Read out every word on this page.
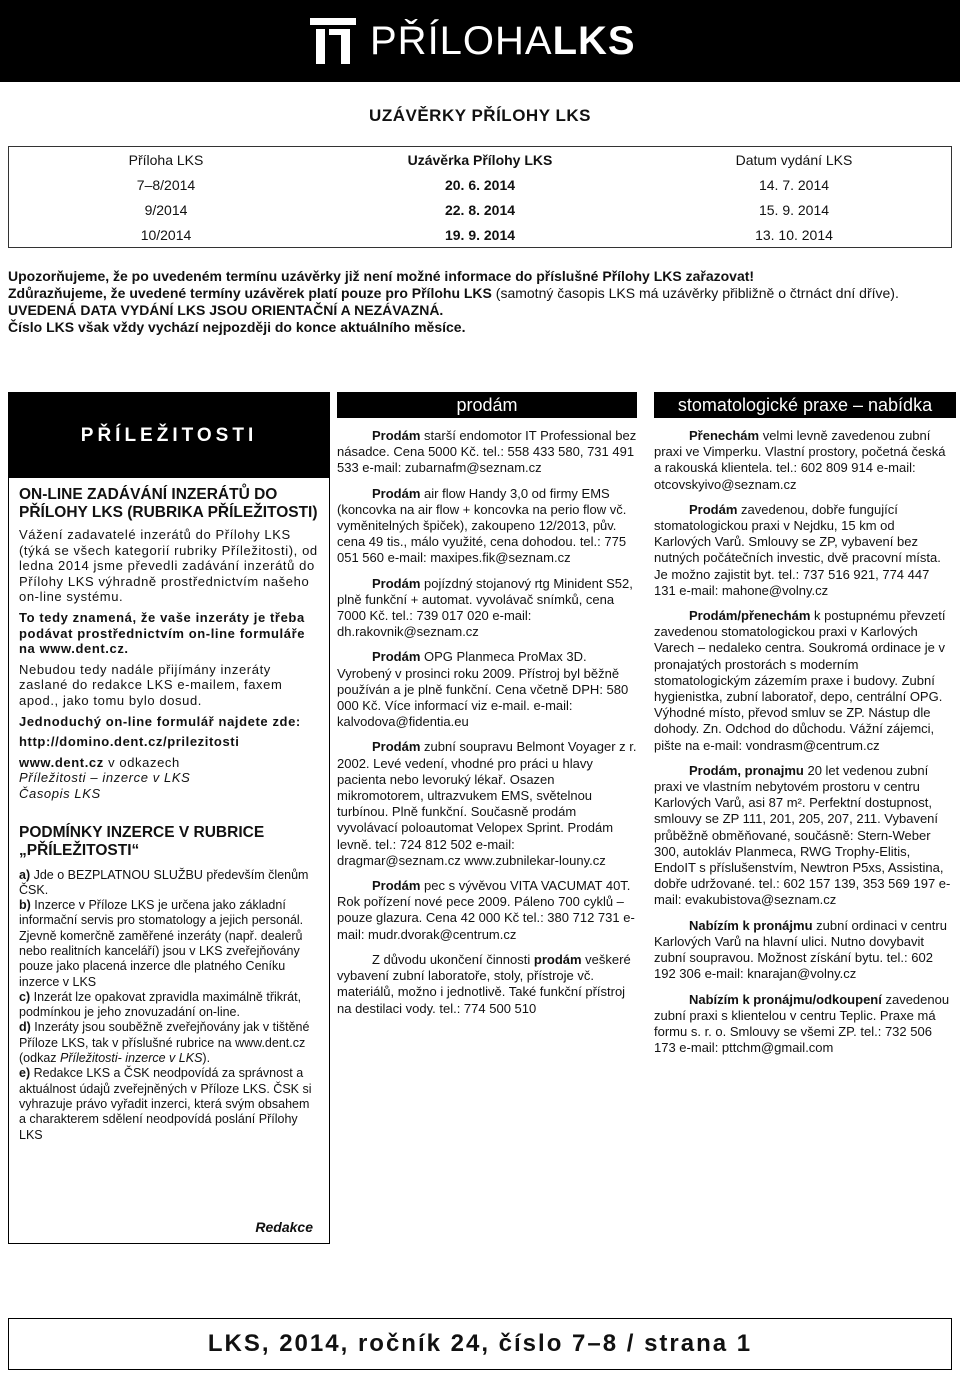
PŘÍLOHALKS
UZÁVĚRKY PŘÍLOHY LKS
Příloha LKS	Uzávěrka Přílohy LKS	Datum vydání LKS
7–8/2014	20. 6. 2014	14. 7. 2014
9/2014	22. 8. 2014	15. 9. 2014
10/2014	19. 9. 2014	13. 10. 2014
Upozorňujeme, že po uvedeném termínu uzávěrky již není možné informace do příslušné Přílohy LKS zařazovat!
Zdůrazňujeme, že uvedené termíny uzávěrek platí pouze pro Přílohu LKS (samotný časopis LKS má uzávěrky přibližně o čtrnáct dní dříve).
UVEDENÁ DATA VYDÁNÍ LKS JSOU ORIENTAČNÍ A NEZÁVAZNÁ.
Číslo LKS však vždy vychází nejpozději do konce aktuálního měsíce.
PŘÍLEŽITOSTI
ON-LINE ZADÁVÁNÍ INZERÁTŮ DO PŘÍLOHY LKS (RUBRIKA PŘÍLEŽITOSTI)

Vážení zadavatelé inzerátů do Přílohy LKS (týká se všech kategorií rubriky Příležitosti), od ledna 2014 jsme převedli zadávání inzerátů do Přílohy LKS výhradně prostřednictvím našeho on-line systému.

To tedy znamená, že vaše inzeráty je třeba podávat prostřednictvím on-line formuláře na www.dent.cz.

Nebudou tedy nadále přijímány inzeráty zaslané do redakce LKS e-mailem, faxem apod., jako tomu bylo dosud.

Jednoduchý on-line formulář najdete zde:

http://domino.dent.cz/prilezitosti

www.dent.cz v odkazech
Příležitosti – inzerce v LKS
Časopis LKS

PODMÍNKY INZERCE V RUBRICE „PŘÍLEŽITOSTI“

a) Jde o BEZPLATNOU SLUŽBU především členům ČSK.

b) Inzerce v Příloze LKS je určena jako základní informační servis pro stomatology a jejich personál. Zjevně komerčně zaměřené inzeráty (např. dealerů nebo realitních kanceláří) jsou v LKS zveřejňovány pouze jako placená inzerce dle platného Ceníku inzerce v LKS

c) Inzerát lze opakovat zpravidla maximálně třikrát, podmínkou je jeho znovuzadání on-line.

d) Inzeráty jsou souběžně zveřejňovány jak v tištěné Příloze LKS, tak v příslušné rubrice na www.dent.cz (odkaz Příležitosti- inzerce v LKS).

e) Redakce LKS a ČSK neodpovídá za správnost a aktuálnost údajů zveřejněných v Příloze LKS. ČSK si vyhrazuje právo vyřadit inzerci, která svým obsahem a charakterem sdělení neodpovídá poslání Přílohy LKS

Redakce
prodám
Prodám starší endomotor IT Professional bez násadce. Cena 5000 Kč. tel.: 558 433 580, 731 491 533 e-mail: zubarnafm@seznam.cz
Prodám air flow Handy 3,0 od firmy EMS (koncovka na air flow + koncovka na perio flow vč. vyměnitelných špiček), zakoupeno 12/2013, pův. cena 49 tis., málo využité, cena dohodou. tel.: 775 051 560 e-mail: maxipes.fik@seznam.cz
Prodám pojízdný stojanový rtg Minident S52, plně funkční + automat. vyvolávač snímků, cena 7000 Kč. tel.: 739 017 020 e-mail: dh.rakovnik@seznam.cz
Prodám OPG Planmeca ProMax 3D. Vyrobený v prosinci roku 2009. Přístroj byl běžně používán a je plně funkční. Cena včetně DPH: 580 000 Kč. Více informací viz e-mail. e-mail: kalvodova@fidentia.eu
Prodám zubní soupravu Belmont Voyager z r. 2002. Levé vedení, vhodné pro práci u hlavy pacienta nebo levoruký lékař. Osazen mikromotorem, ultrazvukem EMS, světelnou turbínou. Plně funkční. Současně prodám vyvolávací poloautomat Velopex Sprint. Prodám levně. tel.: 724 812 502 e-mail: dragmar@seznam.cz www.zubnilekar-louny.cz
Prodám pec s vývěvou VITA VACUMAT 40T. Rok pořízení nové pece 2009. Páleno 700 cyklů – pouze glazura. Cena 42 000 Kč tel.: 380 712 731 e-mail: mudr.dvorak@centrum.cz
Z důvodu ukončení činnosti prodám veškeré vybavení zubní laboratoře, stoly, přístroje vč. materiálů, možno i jednotlivě. Také funkční přístroj na destilaci vody. tel.: 774 500 510
stomatologické praxe – nabídka
Přenechám velmi levně zavedenou zubní praxi ve Vimperku. Vlastní prostory, početná česká a rakouská klientela. tel.: 602 809 914 e-mail: otcovskyivo@seznam.cz
Prodám zavedenou, dobře fungující stomatologickou praxi v Nejdku, 15 km od Karlových Varů. Smlouvy se ZP, vybavení bez nutných počátečních investic, dvě pracovní místa. Je možno zajistit byt. tel.: 737 516 921, 774 447 131 e-mail: mahone@volny.cz
Prodám/přenechám k postupnému převzetí zavedenou stomatologickou praxi v Karlových Varech – nedaleko centra. Soukromá ordinace je v pronajatých prostorách s moderním stomatologickým zázemím praxe i budovy. Zubní hygienistka, zubní laboratoř, depo, centrální OPG. Výhodné místo, převod smluv se ZP. Nástup dle dohody. Zn. Odchod do důchodu. Vážní zájemci, pište na e-mail: vondrasm@centrum.cz
Prodám, pronajmu 20 let vedenou zubní praxi ve vlastním nebytovém prostoru v centru Karlových Varů, asi 87 m². Perfektní dostupnost, smlouvy se ZP 111, 201, 205, 207, 211. Vybavení průběžně obměňované, součásně: Stern-Weber 300, autokláv Planmeca, RWG Trophy-Elitis, EndoIT s příslušenstvím, Newtron P5xs, Assistina, dobře udržované. tel.: 602 157 139, 353 569 197 e-mail: evakubistova@seznam.cz
Nabízím k pronájmu zubní ordinaci v centru Karlových Varů na hlavní ulici. Nutno dovybavit zubní soupravou. Možnost získání bytu. tel.: 602 192 306 e-mail: knarajan@volny.cz
Nabízím k pronájmu/odkoupení zavedenou zubní praxi s klientelou v centru Teplic. Praxe má formu s. r. o. Smlouvy se všemi ZP. tel.: 732 506 173 e-mail: pttchm@gmail.com
LKS, 2014, ročník 24, číslo 7–8 / strana 1
